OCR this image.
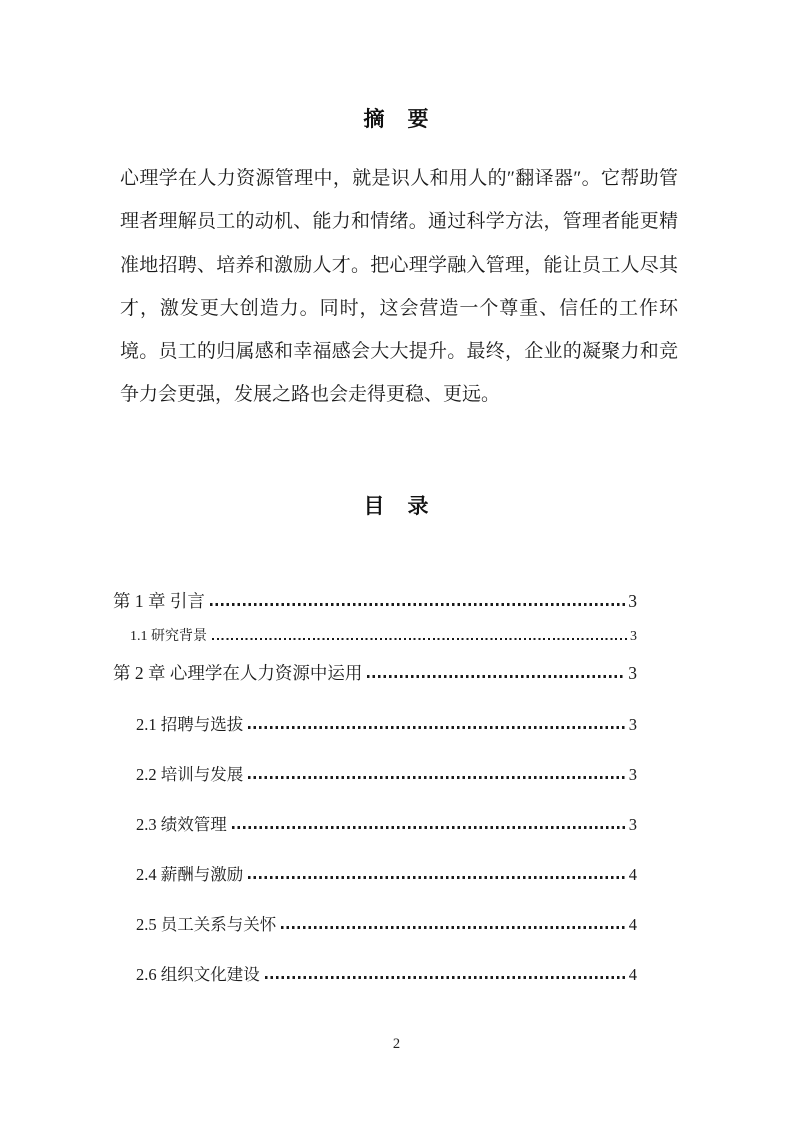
摘　要

心理学在人力资源管理中，就是识人和用人的″翻译器″。它帮助管理者理解员工的动机、能力和情绪。通过科学方法，管理者能更精准地招聘、培养和激励人才。把心理学融入管理，能让员工人尽其才，激发更大创造力。同时，这会营造一个尊重、信任的工作环境。员工的归属感和幸福感会大大提升。最终，企业的凝聚力和竞争力会更强，发展之路也会走得更稳、更远。

目　录
第 1 章 引言	3
1.1 研究背景	3
第 2 章 心理学在人力资源中运用	3
2.1 招聘与选拔	3
2.2 培训与发展	3
2.3 绩效管理	3
2.4 薪酬与激励	4
2.5 员工关系与关怀	4
2.6 组织文化建设	4
2
